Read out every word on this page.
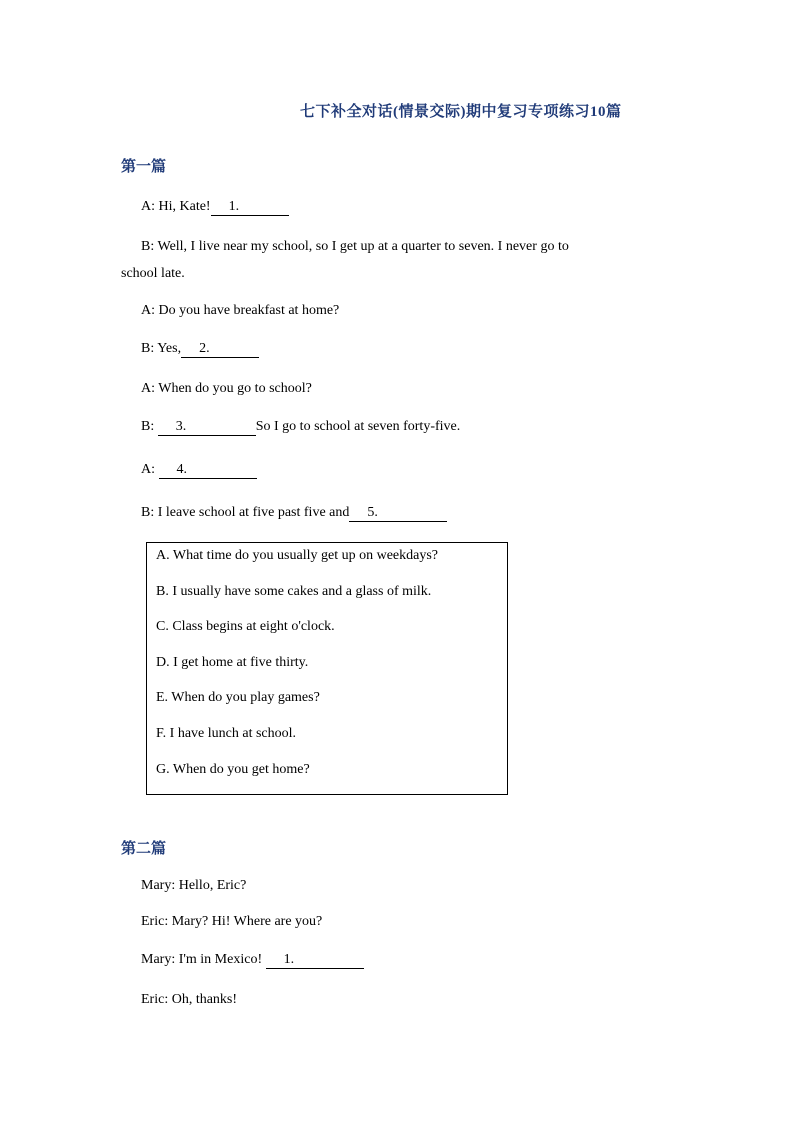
七下补全对话(情景交际)期中复习专项练习10篇
第一篇
A: Hi, Kate! 1.
B: Well, I live near my school, so I get up at a quarter to seven. I never go to
school late.
A: Do you have breakfast at home?
B: Yes, 2.
A: When do you go to school?
B: 3.	So I go to school at seven forty-five.
A: 4.
B: I leave school at five past five and 5.
A. What time do you usually get up on weekdays?
B. I usually have some cakes and a glass of milk.
C. Class begins at eight o'clock.
D. I get home at five thirty.
E. When do you play games?
F. I have lunch at school.
G. When do you get home?
第二篇
Mary: Hello, Eric?
Eric: Mary? Hi! Where are you?
Mary: I'm in Mexico! 1.
Eric: Oh, thanks!
